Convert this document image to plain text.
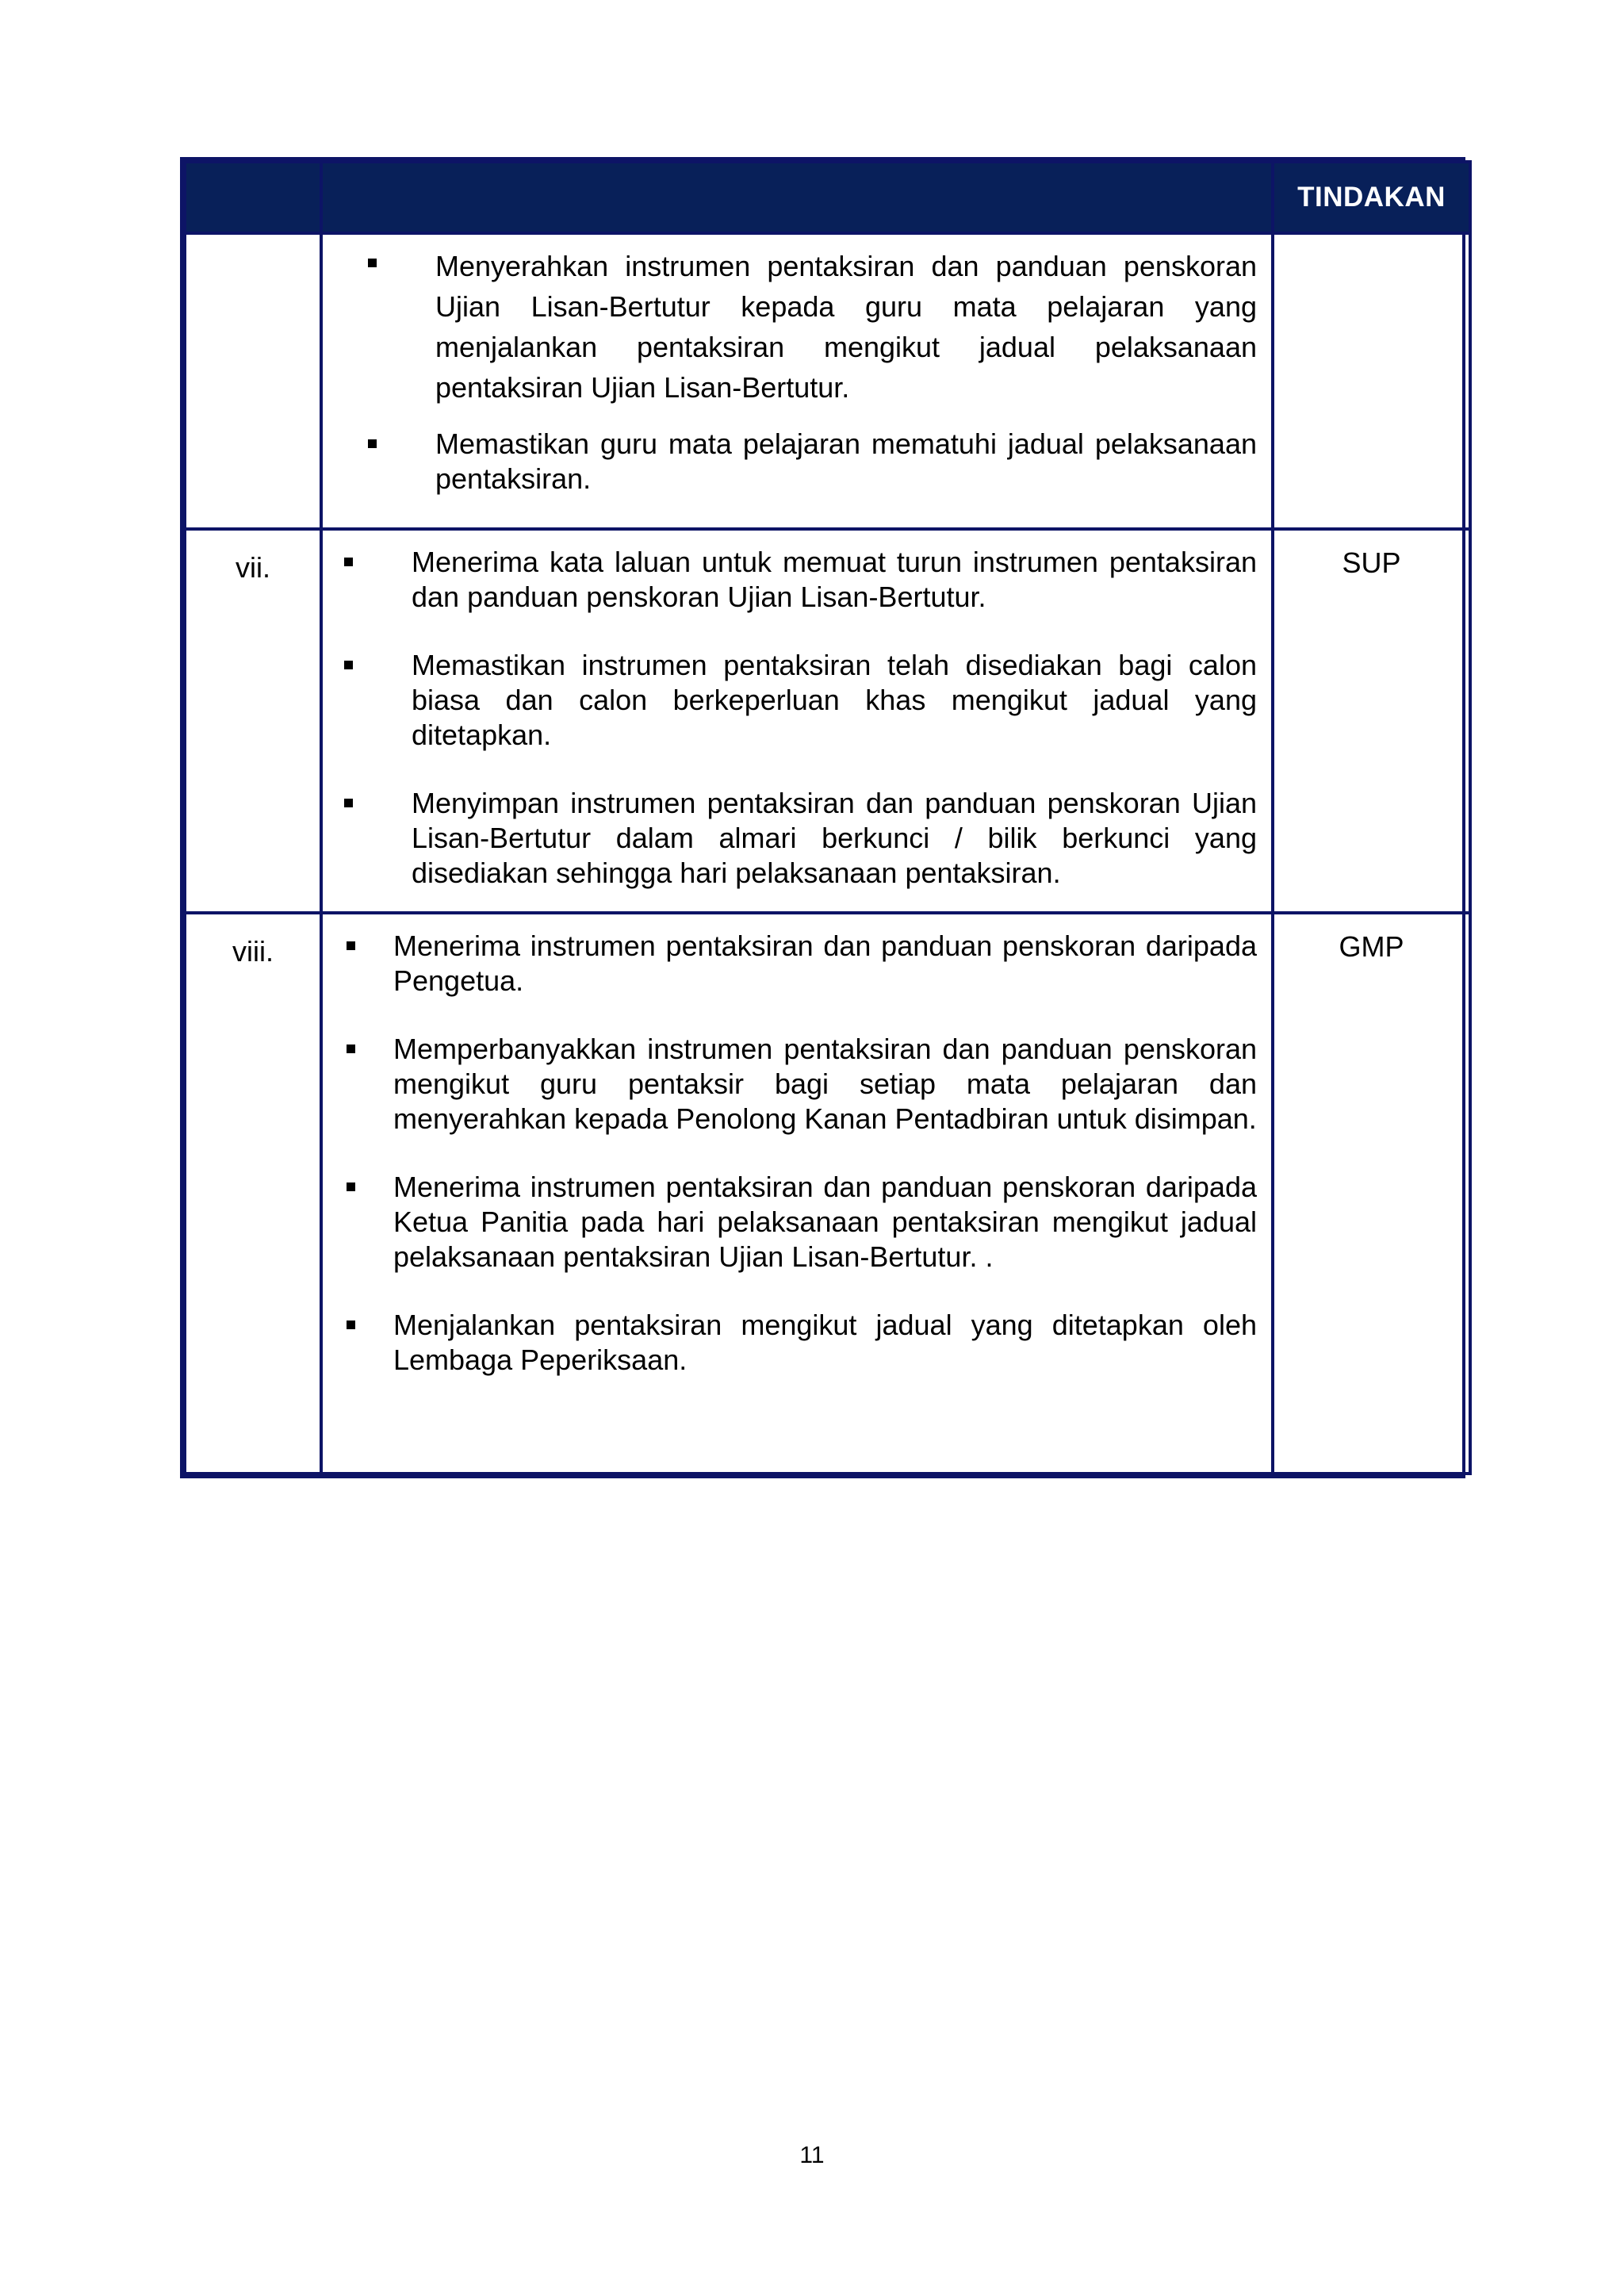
		TINDAKAN

	Menyerahkan instrumen pentaksiran dan panduan penskoran Ujian Lisan-Bertutur kepada guru mata pelajaran yang menjalankan pentaksiran mengikut jadual pelaksanaan pentaksiran Ujian Lisan-Bertutur.
Memastikan guru mata pelajaran mematuhi jadual pelaksanaan pentaksiran.	

vii.	Menerima kata laluan untuk memuat turun instrumen pentaksiran dan panduan penskoran Ujian Lisan-Bertutur.
Memastikan instrumen pentaksiran telah disediakan bagi calon biasa dan calon berkeperluan khas mengikut jadual yang ditetapkan.
Menyimpan instrumen pentaksiran dan panduan penskoran Ujian Lisan-Bertutur dalam almari berkunci / bilik berkunci yang disediakan sehingga hari pelaksanaan pentaksiran.	SUP
viii.	Menerima instrumen pentaksiran dan panduan penskoran daripada Pengetua.
Memperbanyakkan instrumen pentaksiran dan panduan penskoran mengikut guru pentaksir bagi setiap mata pelajaran dan menyerahkan kepada Penolong Kanan Pentadbiran untuk disimpan.
Menerima instrumen pentaksiran dan panduan penskoran daripada Ketua Panitia pada hari pelaksanaan pentaksiran mengikut jadual pelaksanaan pentaksiran Ujian Lisan-Bertutur. .
Menjalankan pentaksiran mengikut jadual yang ditetapkan oleh Lembaga Peperiksaan.	GMP
11
